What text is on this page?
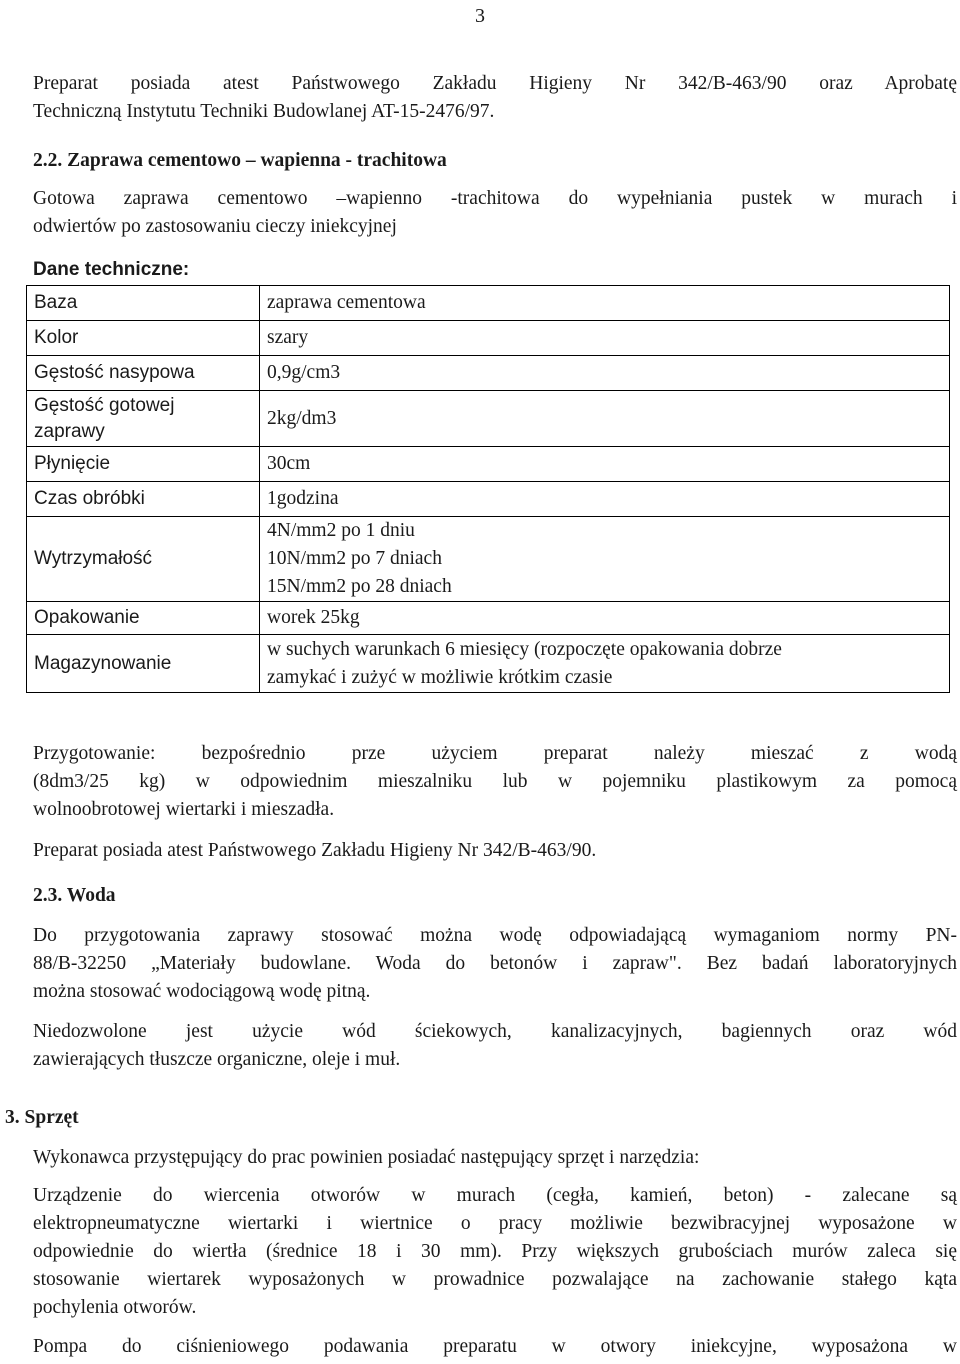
3
Preparat posiada atest Państwowego Zakładu Higieny Nr 342/B-463/90 oraz Aprobatę
Techniczną Instytutu Techniki Budowlanej AT-15-2476/97.
2.2. Zaprawa cementowo – wapienna - trachitowa
Gotowa zaprawa cementowo –wapienno -trachitowa do wypełniania pustek w murach i
odwiertów po zastosowaniu cieczy iniekcyjnej
Dane techniczne:
Baza	zaprawa cementowa
Kolor	szary
Gęstość nasypowa	0,9g/cm3

Gęstość gotowej
zaprawy	2kg/dm3
Płynięcie	30cm
Czas obróbki	1godzina
Wytrzymałość	4N/mm2 po 1 dniu
10N/mm2 po 7 dniach
15N/mm2 po 28 dniach

Opakowanie	worek 25kg
Magazynowanie	w suchych warunkach 6 miesięcy (rozpoczęte opakowania dobrze
zamykać i zużyć w możliwie krótkim czasie
Przygotowanie: bezpośrednio prze użyciem preparat należy mieszać z wodą
(8dm3/25 kg) w odpowiednim mieszalniku lub w pojemniku plastikowym za pomocą
wolnoobrotowej wiertarki i mieszadła.
Preparat posiada atest Państwowego Zakładu Higieny Nr 342/B-463/90.
2.3. Woda
Do przygotowania zaprawy stosować można wodę odpowiadającą wymaganiom normy PN-
88/B-32250 „Materiały budowlane. Woda do betonów i zapraw". Bez badań laboratoryjnych
można stosować wodociągową wodę pitną.
Niedozwolone jest użycie wód ściekowych, kanalizacyjnych, bagiennych oraz wód
zawierających tłuszcze organiczne, oleje i muł.
3. Sprzęt
Wykonawca przystępujący do prac powinien posiadać następujący sprzęt i narzędzia:
Urządzenie do wiercenia otworów w murach (cegła, kamień, beton) - zalecane są
elektropneumatyczne wiertarki i wiertnice o pracy możliwie bezwibracyjnej wyposażone w
odpowiednie do wiertła (średnice 18 i 30 mm). Przy większych grubościach murów zaleca się
stosowanie wiertarek wyposażonych w prowadnice pozwalające na zachowanie stałego kąta
pochylenia otworów.
Pompa do ciśnieniowego podawania preparatu w otwory iniekcyjne, wyposażona w
